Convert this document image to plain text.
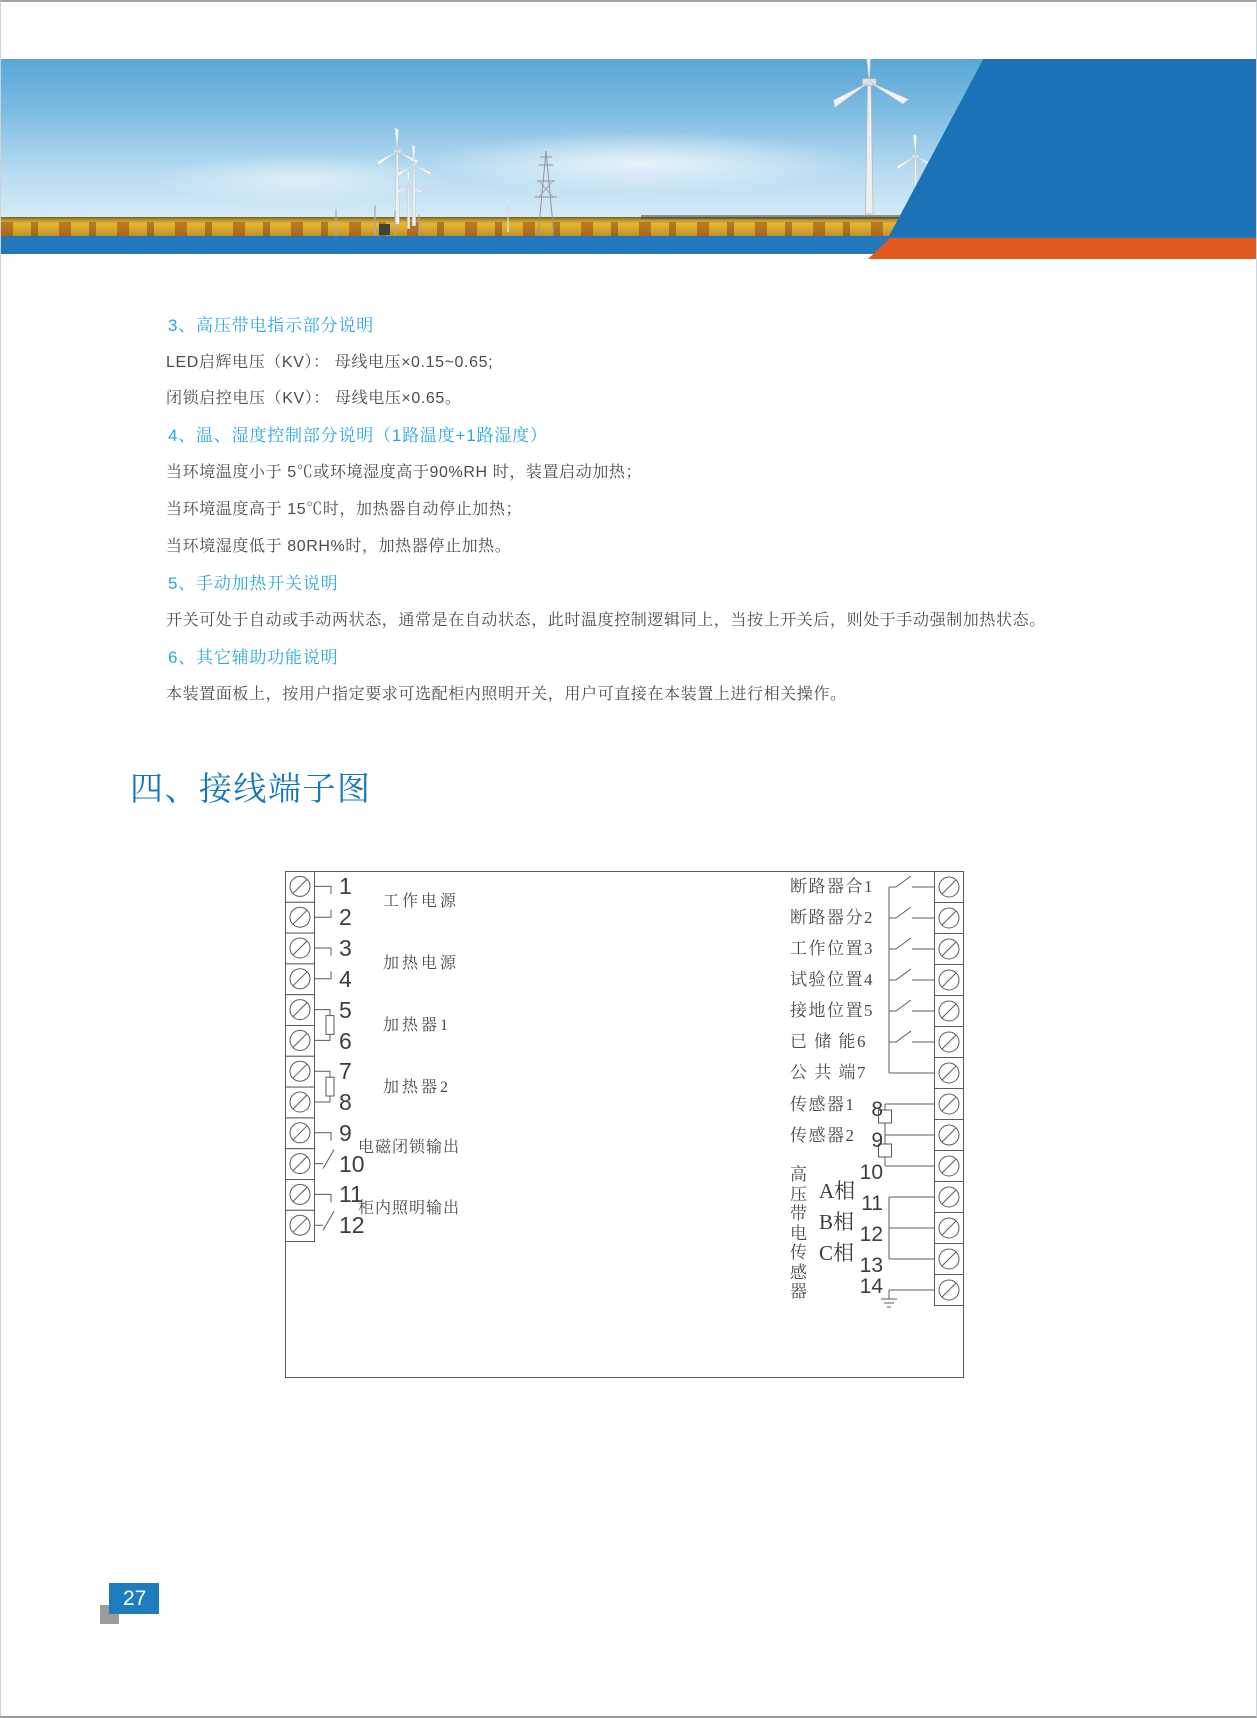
3、高压带电指示部分说明
LED启辉电压（KV）： 母线电压×0.15~0.65;
闭锁启控电压（KV）： 母线电压×0.65。
4、温、湿度控制部分说明（1路温度+1路湿度）
当环境温度小于 5℃或环境湿度高于90%RH 时，装置启动加热；
当环境温度高于 15℃时，加热器自动停止加热；
当环境湿度低于 80RH%时，加热器停止加热。
5、手动加热开关说明
开关可处于自动或手动两状态，通常是在自动状态，此时温度控制逻辑同上，当按上开关后，则处于手动强制加热状态。
6、其它辅助功能说明
本装置面板上，按用户指定要求可选配柜内照明开关，用户可直接在本装置上进行相关操作。
四、接线端子图
1
2
3
4
5
6
7
8
9
10
11
12
工作电源
加热电源
加热器1
加热器2
电磁闭锁输出
柜内照明输出
断路器合1
断路器分2
工作位置3
试验位置4
接地位置5
已 储 能6
公 共 端7
传感器1
传感器2
8
9
10
11
12
13
14
A相
B相
C相
高压带电传感器
27
